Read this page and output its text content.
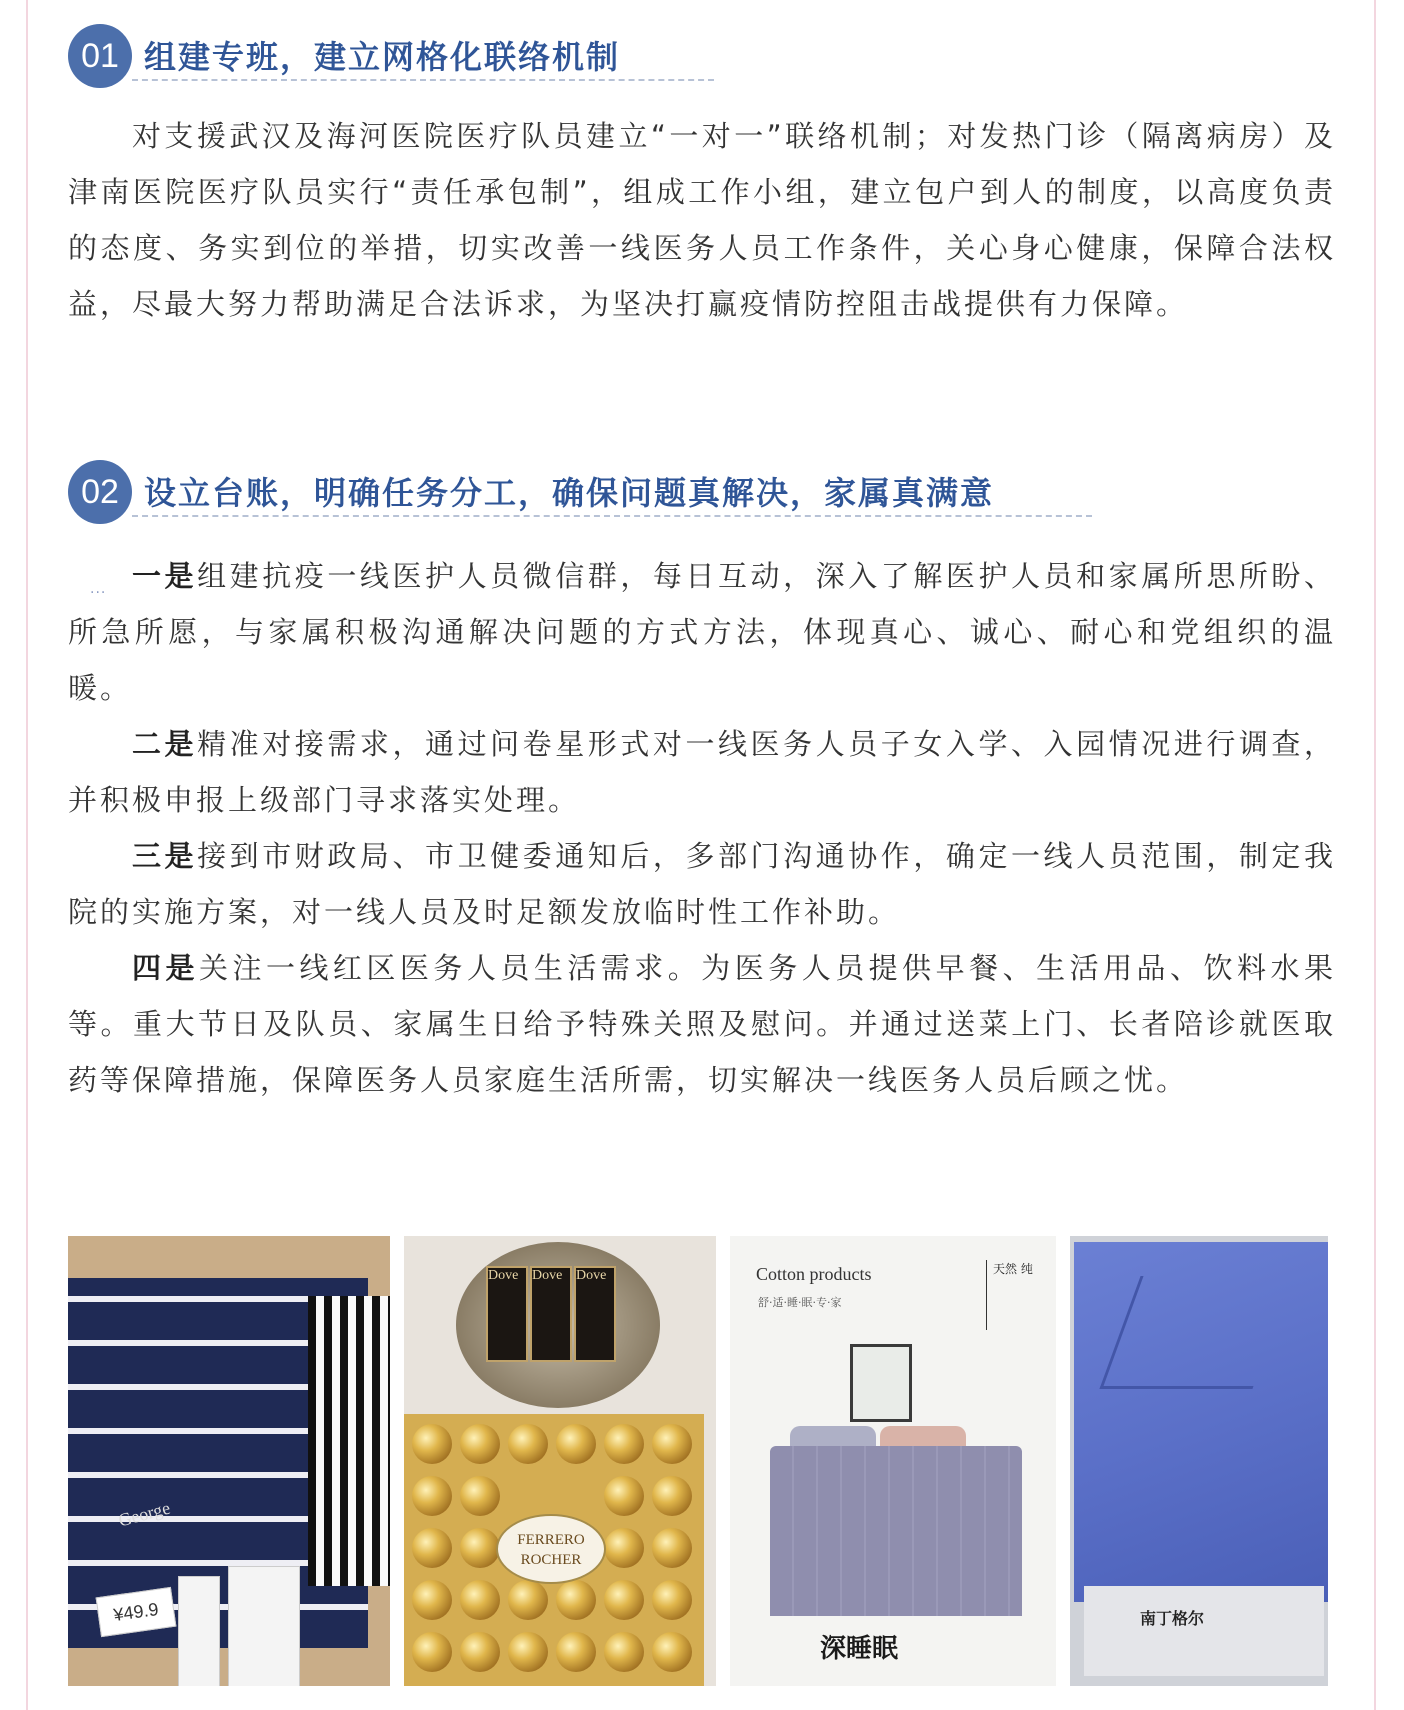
01 组建专班，建立网格化联络机制

对支援武汉及海河医院医疗队员建立“一对一”联络机制；对发热门诊（隔离病房）及津南医院医疗队员实行“责任承包制”，组成工作小组，建立包户到人的制度，以高度负责的态度、务实到位的举措，切实改善一线医务人员工作条件，关心身心健康，保障合法权益，尽最大努力帮助满足合法诉求，为坚决打赢疫情防控阻击战提供有力保障。

02 设立台账，明确任务分工，确保问题真解决，家属真满意
··· 一是组建抗疫一线医护人员微信群，每日互动，深入了解医护人员和家属所思所盼、所急所愿，与家属积极沟通解决问题的方式方法，体现真心、诚心、耐心和党组织的温暖。

二是精准对接需求，通过问卷星形式对一线医务人员子女入学、入园情况进行调查，并积极申报上级部门寻求落实处理。

三是接到市财政局、市卫健委通知后，多部门沟通协作，确定一线人员范围，制定我院的实施方案，对一线人员及时足额发放临时性工作补助。

四是关注一线红区医务人员生活需求。为医务人员提供早餐、生活用品、饮料水果等。重大节日及队员、家属生日给予特殊关照及慰问。并通过送菜上门、长者陪诊就医取药等保障措施，保障医务人员家庭生活所需，切实解决一线医务人员后顾之忧。

George
¥49.9
Dove Dove Dove
FERRERO
ROCHER
Cotton products
舒·适·睡·眠·专·家
天然 纯
深睡眠
南丁格尔
